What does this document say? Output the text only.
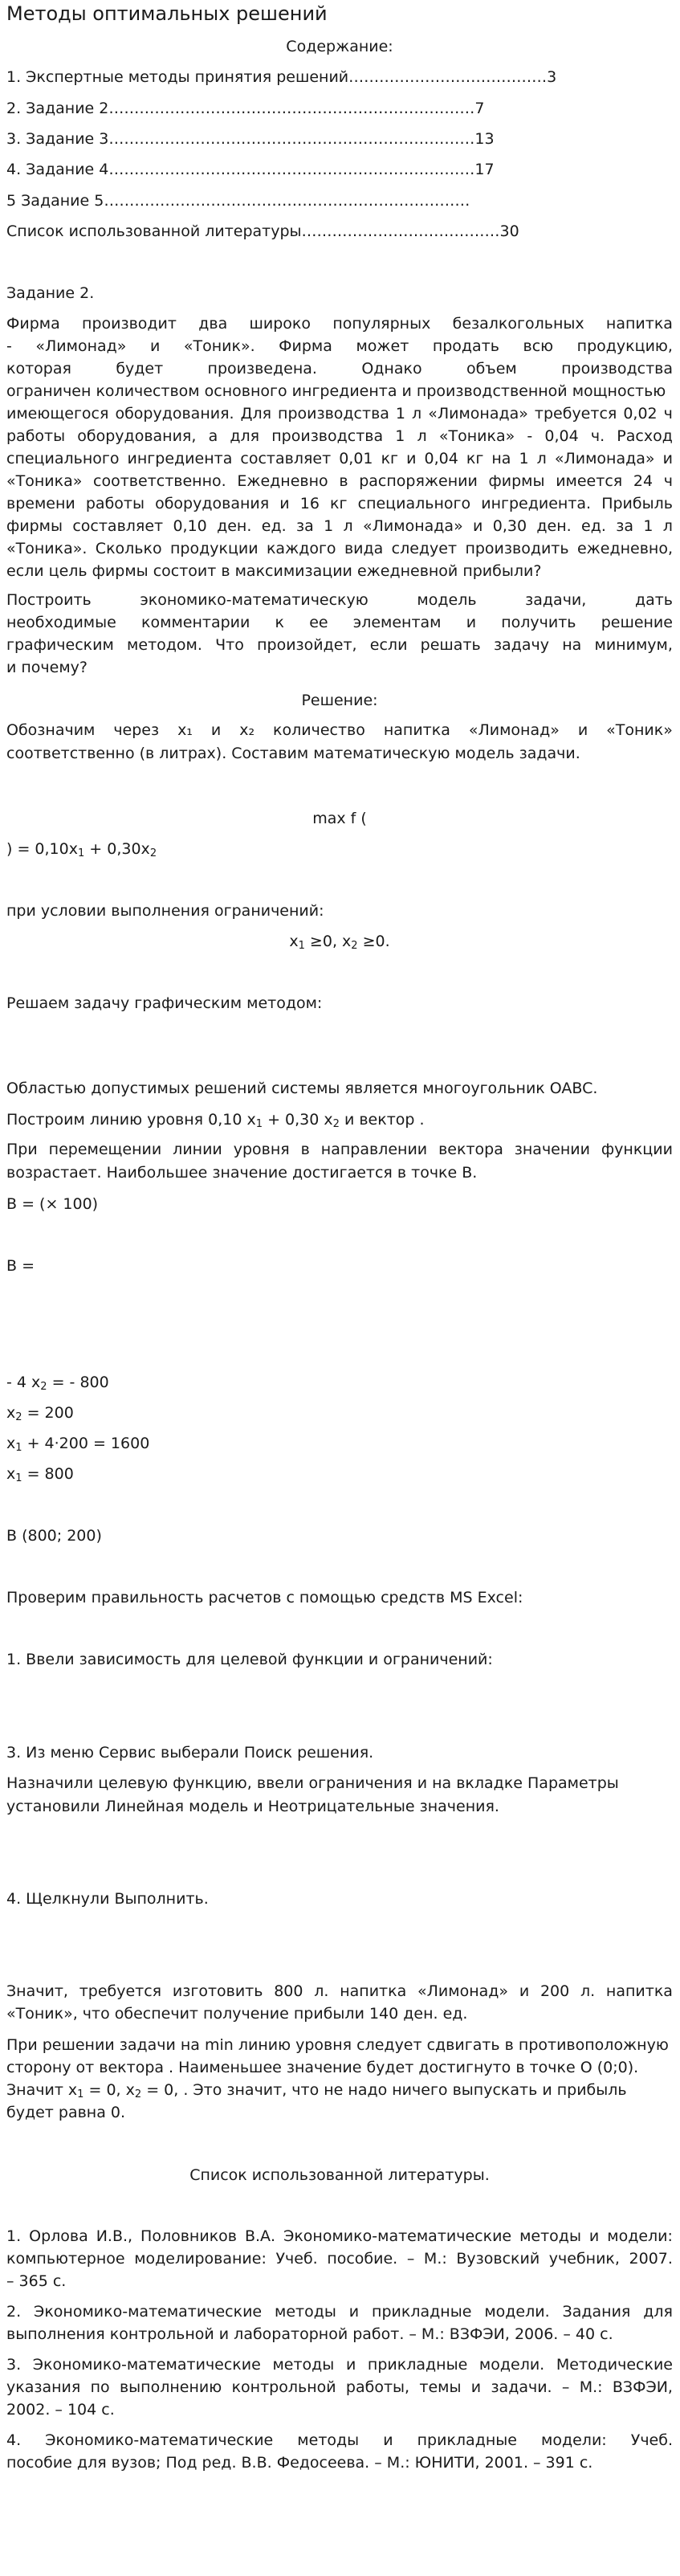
Методы оптимальных решений
Содержание:
1. Экспертные методы принятия решений…………………………………3
2. Задание 2………………………………………………………………7
3. Задание 3………………………………………………………………13
4. Задание 4………………………………………………………………17
5 Задание 5………………………………………………………………
Список использованной литературы…………………………………30
Задание 2.
Фирма производит два широко популярных безалкогольных напитка
- «Лимонад» и «Тоник». Фирма может продать всю продукцию,
которая	будет	произведена.	Однако	объем	производства
ограничен количеством основного ингредиента и производственной мощностью
имеющегося оборудования. Для производства 1 л «Лимонада» требуется 0,02 ч
работы оборудования, а для производства 1 л «Тоника» - 0,04 ч. Расход
специального ингредиента составляет 0,01 кг и 0,04 кг на 1 л «Лимонада» и
«Тоника» соответственно. Ежедневно в распоряжении фирмы имеется 24 ч
времени работы оборудования и 16 кг специального ингредиента. Прибыль
фирмы составляет 0,10 ден. ед. за 1 л «Лимонада» и 0,30 ден. ед. за 1 л
«Тоника». Сколько продукции каждого вида следует производить ежедневно,
если цель фирмы состоит в максимизации ежедневной прибыли?
Построить	экономико-математическую	модель	задачи,	дать
необходимые комментарии к ее элементам и получить решение
графическим методом. Что произойдет, если решать задачу на минимум,
и почему?
Решение:
Обозначим через x₁ и x₂ количество напитка «Лимонад» и «Тоник»
соответственно (в литрах). Составим математическую модель задачи.
max f (
) = $0,10x_1 + 0,30x_2$
при условии выполнения ограничений:
$x_1 \ge 0$, $x_2 \ge 0$.
Решаем задачу графическим методом:
Областью допустимых решений системы является многоугольник OABC.
Построим линию уровня 0,10 $x_1 + 0,30$ $x_2$ и вектор .
При перемещении линии уровня в направлении вектора значении функции
возрастает. Наибольшее значение достигается в точке B.
B = (× 100)
B =
- 4 $x_2$ = - 800
$x_2 = 200$
$x_1 + 4\cdot 200 = 1600$
$x_1 = 800$
B (800; 200)
Проверим правильность расчетов с помощью средств MS Excel:
1. Ввели зависимость для целевой функции и ограничений:
3. Из меню Сервис выберали Поиск решения.
Назначили целевую функцию, ввели ограничения и на вкладке Параметры
установили Линейная модель и Неотрицательные значения.
4. Щелкнули Выполнить.
Значит, требуется изготовить 800 л. напитка «Лимонад» и 200 л. напитка
«Тоник», что обеспечит получение прибыли 140 ден. ед.
При решении задачи на min линию уровня следует сдвигать в противоположную
сторону от вектора . Наименьшее значение будет достигнуто в точке O (0;0).
Значит $x_1 = 0$, $x_2 = 0$, . Это значит, что не надо ничего выпускать и прибыль
будет равна 0.
Список использованной литературы.
1. Орлова И.В., Половников В.А. Экономико-математические методы и модели:
компьютерное моделирование: Учеб. пособие. – М.: Вузовский учебник, 2007.
– 365 с.
2. Экономико-математические методы и прикладные модели. Задания для
выполнения контрольной и лабораторной работ. – М.: ВЗФЭИ, 2006. – 40 с.
3. Экономико-математические методы и прикладные модели. Методические
указания по выполнению контрольной работы, темы и задачи. – М.: ВЗФЭИ,
2002. – 104 с.
4. Экономико-математические методы и прикладные модели: Учеб.
пособие для вузов; Под ред. В.В. Федосеева. – М.: ЮНИТИ, 2001. – 391 с.
